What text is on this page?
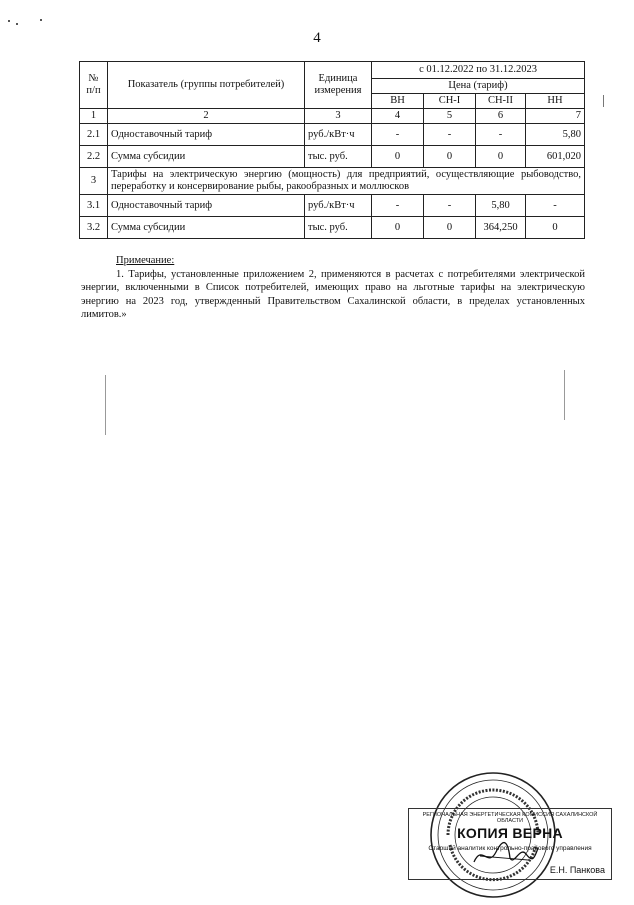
4
№ п/п	Показатель (группы потребителей)	Единица измерения	с 01.12.2022 по 31.12.2023			
			Цена (тариф)			
			ВН	СН-I	СН-II	НН
1	2	3	4	5	6	7
2.1	Одноставочный тариф	руб./кВт·ч	-	-	-	5,80
2.2	Сумма субсидии	тыс. руб.	0	0	0	601,020
3	Тарифы на электрическую энергию (мощность) для предприятий, осуществляющие рыбоводство, переработку и консервирование рыбы, ракообразных и моллюсков					
3.1	Одноставочный тариф	руб./кВт·ч	-	-	5,80	-
3.2	Сумма субсидии	тыс. руб.	0	0	364,250	0
Примечание:

1. Тарифы, установленные приложением 2, применяются в расчетах с потребителями электрической энергии, включенными в Список потребителей, имеющих право на льготные тарифы на электрическую энергию на 2023 год, утвержденный Правительством Сахалинской области, в пределах установленных лимитов.»

РЕГИОНАЛЬНАЯ ЭНЕРГЕТИЧЕСКАЯ КОМИССИЯ САХАЛИНСКОЙ ОБЛАСТИ
КОПИЯ ВЕРНА
Старший аналитик контрольно-правового управления
Е.Н. Панкова
